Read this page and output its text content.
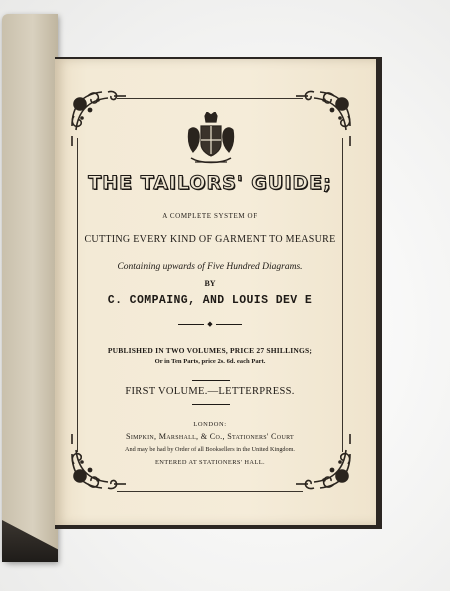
THE TAILORS' GUIDE;
A COMPLETE SYSTEM OF
CUTTING EVERY KIND OF GARMENT TO MEASURE
Containing upwards of Five Hundred Diagrams.
BY
C. COMPAING, AND LOUIS DEV E
◆
PUBLISHED IN TWO VOLUMES, PRICE 27 SHILLINGS;
Or in Ten Parts, price 2s. 6d. each Part.
FIRST VOLUME.—LETTERPRESS.
LONDON:
Simpkin, Marshall, & Co., Stationers' Court
And may be had by Order of all Booksellers in the United Kingdom.
ENTERED AT STATIONERS' HALL.
